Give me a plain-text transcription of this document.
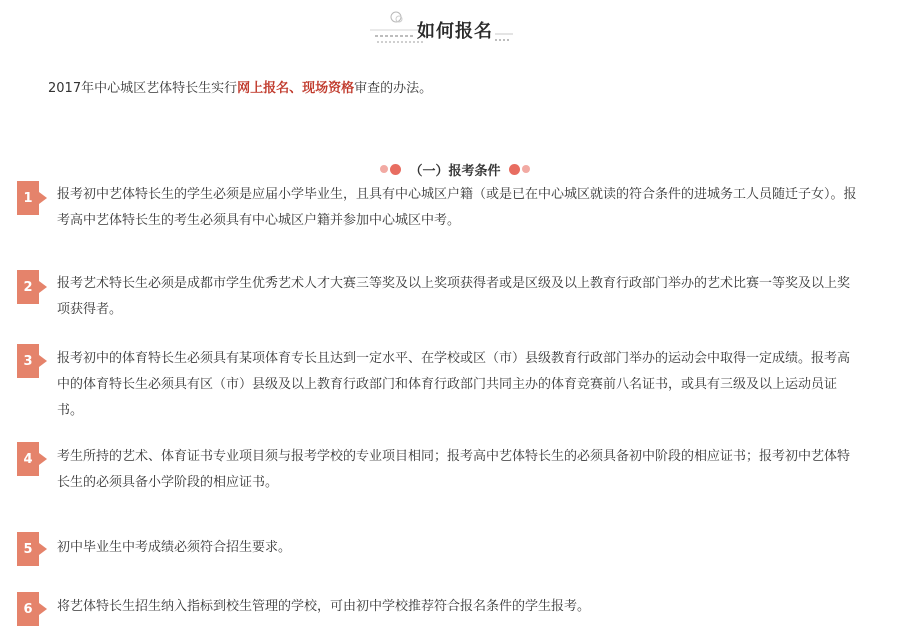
如何报名
2017年中心城区艺体特长生实行网上报名、现场资格审查的办法。
（一）报考条件
1	报考初中艺体特长生的学生必须是应届小学毕业生，且具有中心城区户籍（或是已在中心城区就读的符合条件的进城务工人员随迁子女）。报考高中艺体特长生的考生必须具有中心城区户籍并参加中心城区中考。
2	报考艺术特长生必须是成都市学生优秀艺术人才大赛三等奖及以上奖项获得者或是区级及以上教育行政部门举办的艺术比赛一等奖及以上奖项获得者。
3	报考初中的体育特长生必须具有某项体育专长且达到一定水平、在学校或区（市）县级教育行政部门举办的运动会中取得一定成绩。报考高中的体育特长生必须具有区（市）县级及以上教育行政部门和体育行政部门共同主办的体育竞赛前八名证书，或具有三级及以上运动员证书。
4	考生所持的艺术、体育证书专业项目须与报考学校的专业项目相同；报考高中艺体特长生的必须具备初中阶段的相应证书；报考初中艺体特长生的必须具备小学阶段的相应证书。
5	初中毕业生中考成绩必须符合招生要求。
6	将艺体特长生招生纳入指标到校生管理的学校，可由初中学校推荐符合报名条件的学生报考。
